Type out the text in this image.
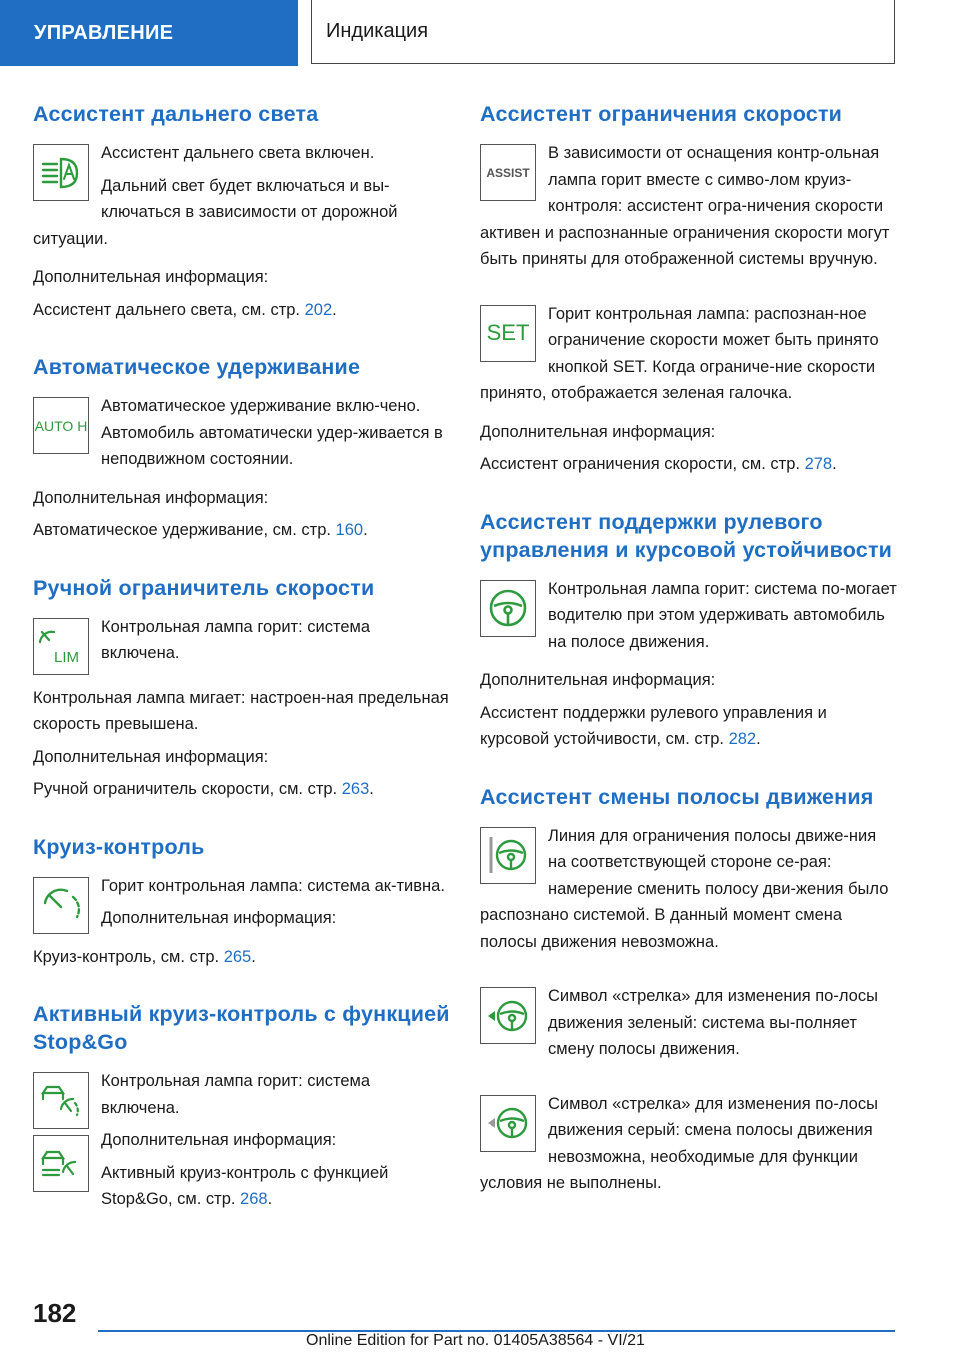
УПРАВЛЕНИЕ	Индикация
Ассистент дальнего света

Ассистент дальнего света включен.

Дальний свет будет включаться и вы-ключаться в зависимости от дорожной ситуации.

Дополнительная информация:

Ассистент дальнего света, см. стр. 202.

Автоматическое удерживание
AUTO H

Автоматическое удерживание вклю-чено. Автомобиль автоматически удер-живается в неподвижном состоянии.

Дополнительная информация:

Автоматическое удерживание, см. стр. 160.

Ручной ограничитель скорости
LIM

Контрольная лампа горит: система включена.

Контрольная лампа мигает: настроен-ная предельная скорость превышена.

Дополнительная информация:

Ручной ограничитель скорости, см. стр. 263.

Круиз-контроль

Горит контрольная лампа: система ак-тивна.

Дополнительная информация:

Круиз-контроль, см. стр. 265.

Активный круиз-контроль с функцией Stop&Go

Контрольная лампа горит: система включена.

Дополнительная информация:

Активный круиз-контроль с функцией Stop&Go, см. стр. 268.

Ассистент ограничения скорости
ASSIST

В зависимости от оснащения контр-ольная лампа горит вместе с симво-лом круиз-контроля: ассистент огра-ничения скорости активен и распознанные ограничения скорости могут быть приняты для отображенной системы вручную.

SET

Горит контрольная лампа: распознан-ное ограничение скорости может быть принято кнопкой SET. Когда ограниче-ние скорости принято, отображается зеленая галочка.

Дополнительная информация:

Ассистент ограничения скорости, см. стр. 278.

Ассистент поддержки рулевого управления и курсовой устойчивости

Контрольная лампа горит: система по-могает водителю при этом удерживать автомобиль на полосе движения.

Дополнительная информация:

Ассистент поддержки рулевого управления и курсовой устойчивости, см. стр. 282.

Ассистент смены полосы движения

Линия для ограничения полосы движе-ния на соответствующей стороне се-рая: намерение сменить полосу дви-жения было распознано системой. В данный момент смена полосы движения невозможна.

Символ «стрелка» для изменения по-лосы движения зеленый: система вы-полняет смену полосы движения.

Символ «стрелка» для изменения по-лосы движения серый: смена полосы движения невозможна, необходимые для функции условия не выполнены.

182
Online Edition for Part no. 01405A38564 - VI/21
